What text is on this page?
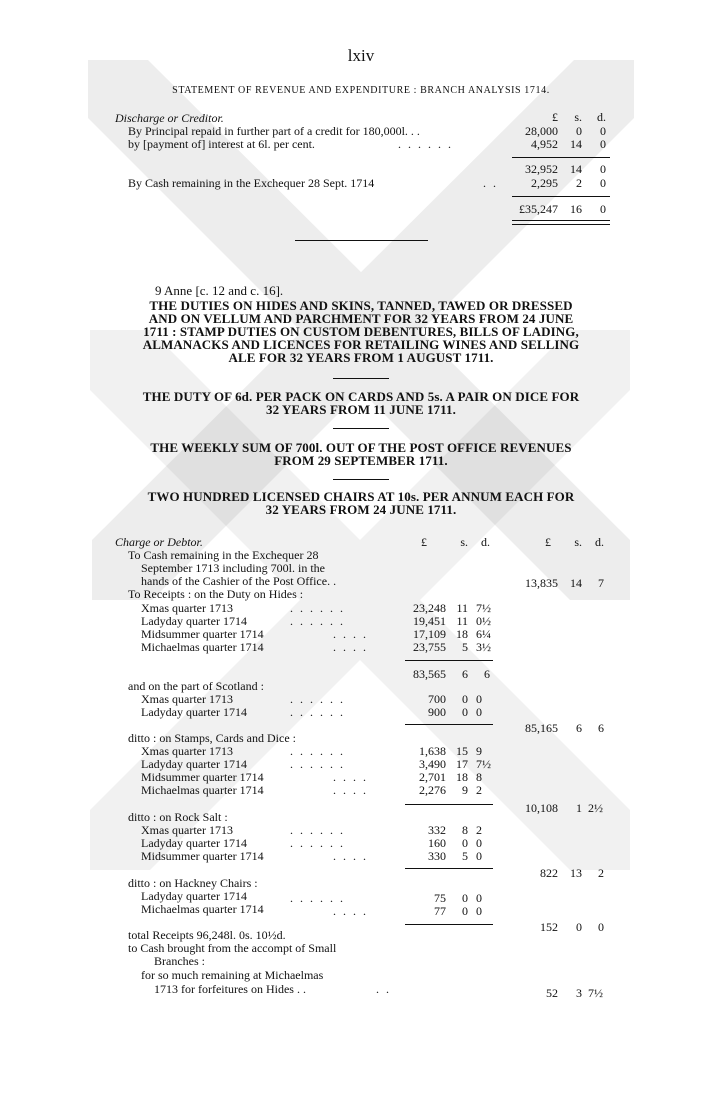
lxiv
STATEMENT OF REVENUE AND EXPENDITURE : BRANCH ANALYSIS 1714.
Discharge or Creditor.	£	s.	d.
By Principal repaid in further part of a credit for 180,000l. . .	28,000	0	0
by [payment of] interest at 6l. per cent.	. . . . . .	4,952	14	0
32,952	14	0
By Cash remaining in the Exchequer 28 Sept. 1714	. .	2,295	2	0
£35,247	16	0
9 Anne [c. 12 and c. 16].
THE DUTIES ON HIDES AND SKINS, TANNED, TAWED OR DRESSED
AND ON VELLUM AND PARCHMENT FOR 32 YEARS FROM 24 JUNE
1711 : STAMP DUTIES ON CUSTOM DEBENTURES, BILLS OF LADING,
ALMANACKS AND LICENCES FOR RETAILING WINES AND SELLING
ALE FOR 32 YEARS FROM 1 AUGUST 1711.
THE DUTY OF 6d. PER PACK ON CARDS AND 5s. A PAIR ON DICE FOR
32 YEARS FROM 11 JUNE 1711.
THE WEEKLY SUM OF 700l. OUT OF THE POST OFFICE REVENUES
FROM 29 SEPTEMBER 1711.
TWO HUNDRED LICENSED CHAIRS AT 10s. PER ANNUM EACH FOR
32 YEARS FROM 24 JUNE 1711.
Charge or Debtor.	£	s.	d.	£	s.	d.
To Cash remaining in the Exchequer 28
September 1713 including 700l. in the
hands of the Cashier of the Post Office. .	13,835	14	7
To Receipts : on the Duty on Hides :
Xmas quarter 1713	. . . . . .	23,248 11 7½
Ladyday quarter 1714	. . . . . .	19,451 11 0½
Midsummer quarter 1714	. . . .	17,109 18 6¼
Michaelmas quarter 1714	. . . .	23,755	5 3½
83,565	6	6
and on the part of Scotland :
Xmas quarter 1713	. . . . . .	700	0 0
Ladyday quarter 1714	. . . . . .	900	0 0
85,165	6	6
ditto : on Stamps, Cards and Dice :
Xmas quarter 1713	. . . . . .	1,638 15 9
Ladyday quarter 1714	. . . . . .	3,490 17 7½
Midsummer quarter 1714	. . . .	2,701 18 8
Michaelmas quarter 1714	. . . .	2,276	9 2
10,108	1 2½
ditto : on Rock Salt :
Xmas quarter 1713	. . . . . .	332	8 2
Ladyday quarter 1714	. . . . . .	160	0 0
Midsummer quarter 1714	. . . .	330	5 0
822	13	2
ditto : on Hackney Chairs :
Ladyday quarter 1714	. . . . . .	75	0 0
Michaelmas quarter 1714	. . . .	77	0 0
152	0	0
total Receipts 96,248l. 0s. 10½d.
to Cash brought from the accompt of Small
Branches :
for so much remaining at Michaelmas
1713 for forfeitures on Hides . .	. .	52	3 7½
